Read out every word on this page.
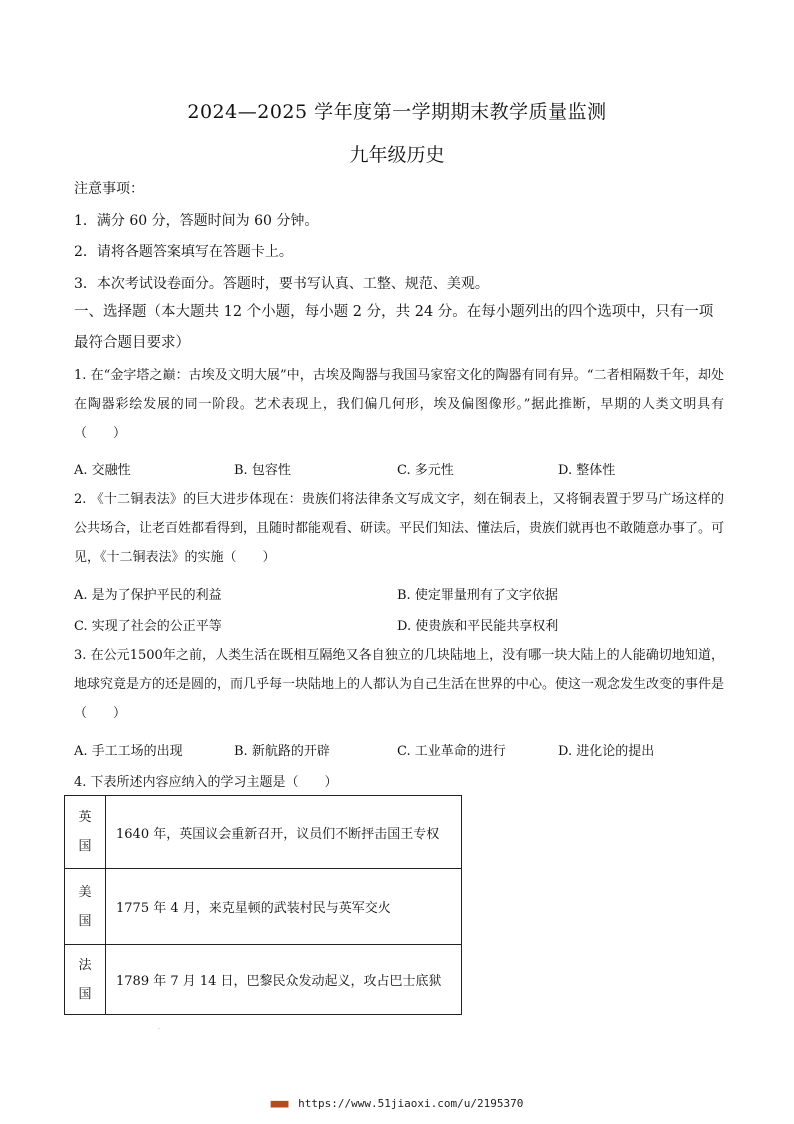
2024—2025 学年度第一学期期末教学质量监测
九年级历史
注意事项：
1．满分 60 分，答题时间为 60 分钟。
2．请将各题答案填写在答题卡上。
3．本次考试设卷面分。答题时，要书写认真、工整、规范、美观。
一、选择题（本大题共 12 个小题，每小题 2 分，共 24 分。在每小题列出的四个选项中，只有一项最符合题目要求）
1. 在“金字塔之巅：古埃及文明大展”中，古埃及陶器与我国马家窑文化的陶器有同有异。“二者相隔数千年，却处在陶器彩绘发展的同一阶段。艺术表现上，我们偏几何形，埃及偏图像形。”据此推断，早期的人类文明具有（　　）
A. 交融性	B. 包容性	C. 多元性	D. 整体性
2. 《十二铜表法》的巨大进步体现在：贵族们将法律条文写成文字，刻在铜表上，又将铜表置于罗马广场这样的公共场合，让老百姓都看得到，且随时都能观看、研读。平民们知法、懂法后，贵族们就再也不敢随意办事了。可见，《十二铜表法》的实施（　　）
A. 是为了保护平民的利益	B. 使定罪量刑有了文字依据
C. 实现了社会的公正平等	D. 使贵族和平民能共享权利
3. 在公元1500年之前，人类生活在既相互隔绝又各自独立的几块陆地上，没有哪一块大陆上的人能确切地知道，地球究竟是方的还是圆的，而几乎每一块陆地上的人都认为自己生活在世界的中心。使这一观念发生改变的事件是（　　）
A. 手工工场的出现	B. 新航路的开辟	C. 工业革命的进行	D. 进化论的提出
4. 下表所述内容应纳入的学习主题是（　　）
英
国	1640 年，英国议会重新召开，议员们不断抨击国王专权

美
国	1775 年 4 月，来克星顿的武装村民与英军交火

法
国	1789 年 7 月 14 日，巴黎民众发动起义，攻占巴士底狱
·
■■■ https://www.51jiaoxi.com/u/2195370
